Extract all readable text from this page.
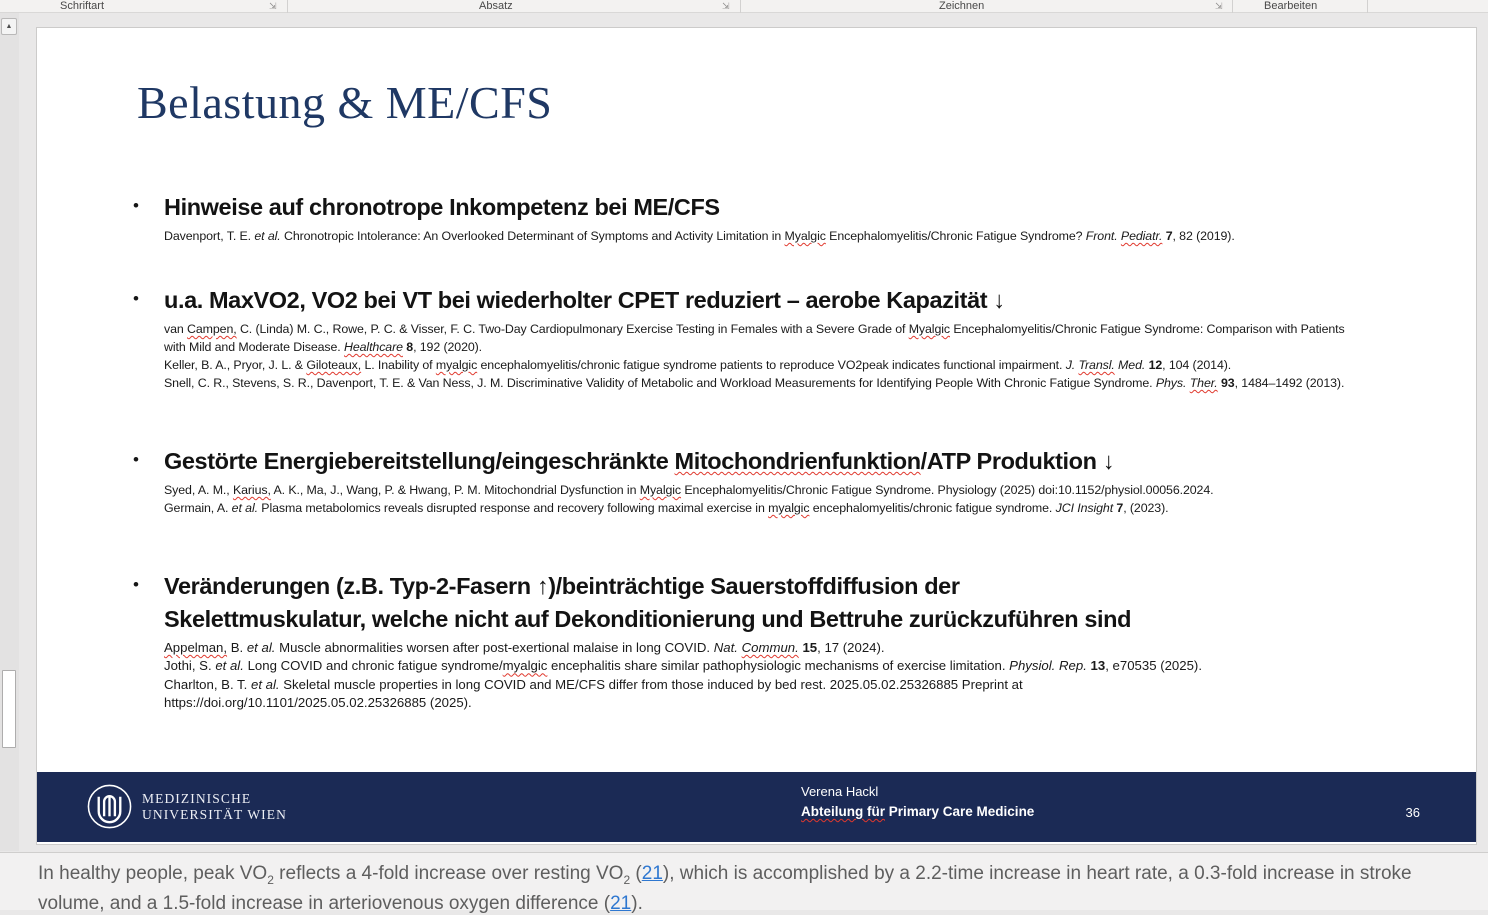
Schriftart	Absatz	Zeichnen	Bearbeiten
⇲	⇲	⇲
▲
Belastung & ME/CFS
•	Hinweise auf chronotrope Inkompetenz bei ME/CFS
Davenport, T. E. et al. Chronotropic Intolerance: An Overlooked Determinant of Symptoms and Activity Limitation in Myalgic Encephalomyelitis/Chronic Fatigue Syndrome? Front. Pediatr. 7, 82 (2019).
•	u.a. MaxVO2, VO2 bei VT bei wiederholter CPET reduziert – aerobe Kapazität ↓
van Campen, C. (Linda) M. C., Rowe, P. C. & Visser, F. C. Two-Day Cardiopulmonary Exercise Testing in Females with a Severe Grade of Myalgic Encephalomyelitis/Chronic Fatigue Syndrome: Comparison with Patients
with Mild and Moderate Disease. Healthcare 8, 192 (2020).
Keller, B. A., Pryor, J. L. & Giloteaux, L. Inability of myalgic encephalomyelitis/chronic fatigue syndrome patients to reproduce VO2peak indicates functional impairment. J. Transl. Med. 12, 104 (2014).
Snell, C. R., Stevens, S. R., Davenport, T. E. & Van Ness, J. M. Discriminative Validity of Metabolic and Workload Measurements for Identifying People With Chronic Fatigue Syndrome. Phys. Ther. 93, 1484–1492 (2013).
•	Gestörte Energiebereitstellung/eingeschränkte Mitochondrienfunktion/ATP Produktion ↓
Syed, A. M., Karius, A. K., Ma, J., Wang, P. & Hwang, P. M. Mitochondrial Dysfunction in Myalgic Encephalomyelitis/Chronic Fatigue Syndrome. Physiology (2025) doi:10.1152/physiol.00056.2024.
Germain, A. et al. Plasma metabolomics reveals disrupted response and recovery following maximal exercise in myalgic encephalomyelitis/chronic fatigue syndrome. JCI Insight 7, (2023).
•	Veränderungen (z.B. Typ-2-Fasern ↑)/beinträchtige Sauerstoffdiffusion der
Skelettmuskulatur, welche nicht auf Dekonditionierung und Bettruhe zurückzuführen sind
Appelman, B. et al. Muscle abnormalities worsen after post-exertional malaise in long COVID. Nat. Commun. 15, 17 (2024).
Jothi, S. et al. Long COVID and chronic fatigue syndrome/myalgic encephalitis share similar pathophysiologic mechanisms of exercise limitation. Physiol. Rep. 13, e70535 (2025).
Charlton, B. T. et al. Skeletal muscle properties in long COVID and ME/CFS differ from those induced by bed rest. 2025.05.02.25326885 Preprint at
https://doi.org/10.1101/2025.05.02.25326885 (2025).
MEDIZINISCHE
UNIVERSITÄT WIEN
Verena Hackl
Abteilung für Primary Care Medicine	36
In healthy people, peak $VO_2$ reflects a 4-fold increase over resting $VO_2$ (21), which is accomplished by a 2.2-time increase in heart rate, a 0.3-fold increase in stroke volume, and a 1.5-fold increase in arteriovenous oxygen difference (21).
